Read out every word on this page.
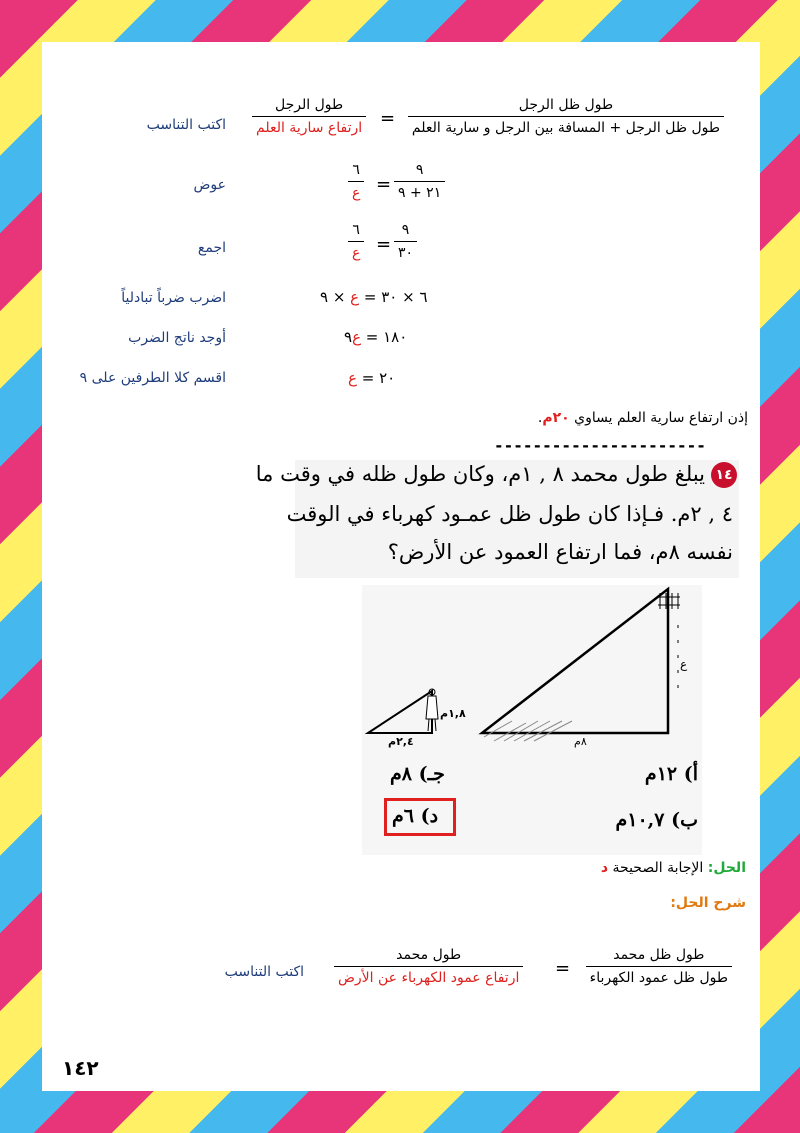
طول ظل الرجل
طول ظل الرجل + المسافة بين الرجل و سارية العلم
=
طول الرجل
ارتفاع سارية العلم
اكتب التناسب
٩
٢١ + ٩
=
٦
ع
عوض
٩
٣٠
=
٦
ع
اجمع
٦ × ٣٠ = ع × ٩
اضرب ضرباً تبادلياً
١٨٠ = ع٩
أوجد ناتج الضرب
٢٠ = ع
اقسم كلا الطرفين على ٩
إذن ارتفاع سارية العلم يساوي ٢٠م.
----------------------
١٤
يبلغ طول محمد ٨ , ١م، وكان طول ظله في وقت ما
٤ , ٢م. فـإذا كان طول ظل عمـود كهرباء في الوقت
نفسه ٨م، فما ارتفاع العمود عن الأرض؟
١,٨م
٢,٤م
ع
٨م
أ) ١٢م
ب) ١٠,٧م
جـ) ٨م
د) ٦م
الحل: الإجابة الصحيحة د
شرح الحل:
طول ظل محمد
طول ظل عمود الكهرباء
=
طول محمد
ارتفاع عمود الكهرباء عن الأرض
اكتب التناسب
١٤٢
